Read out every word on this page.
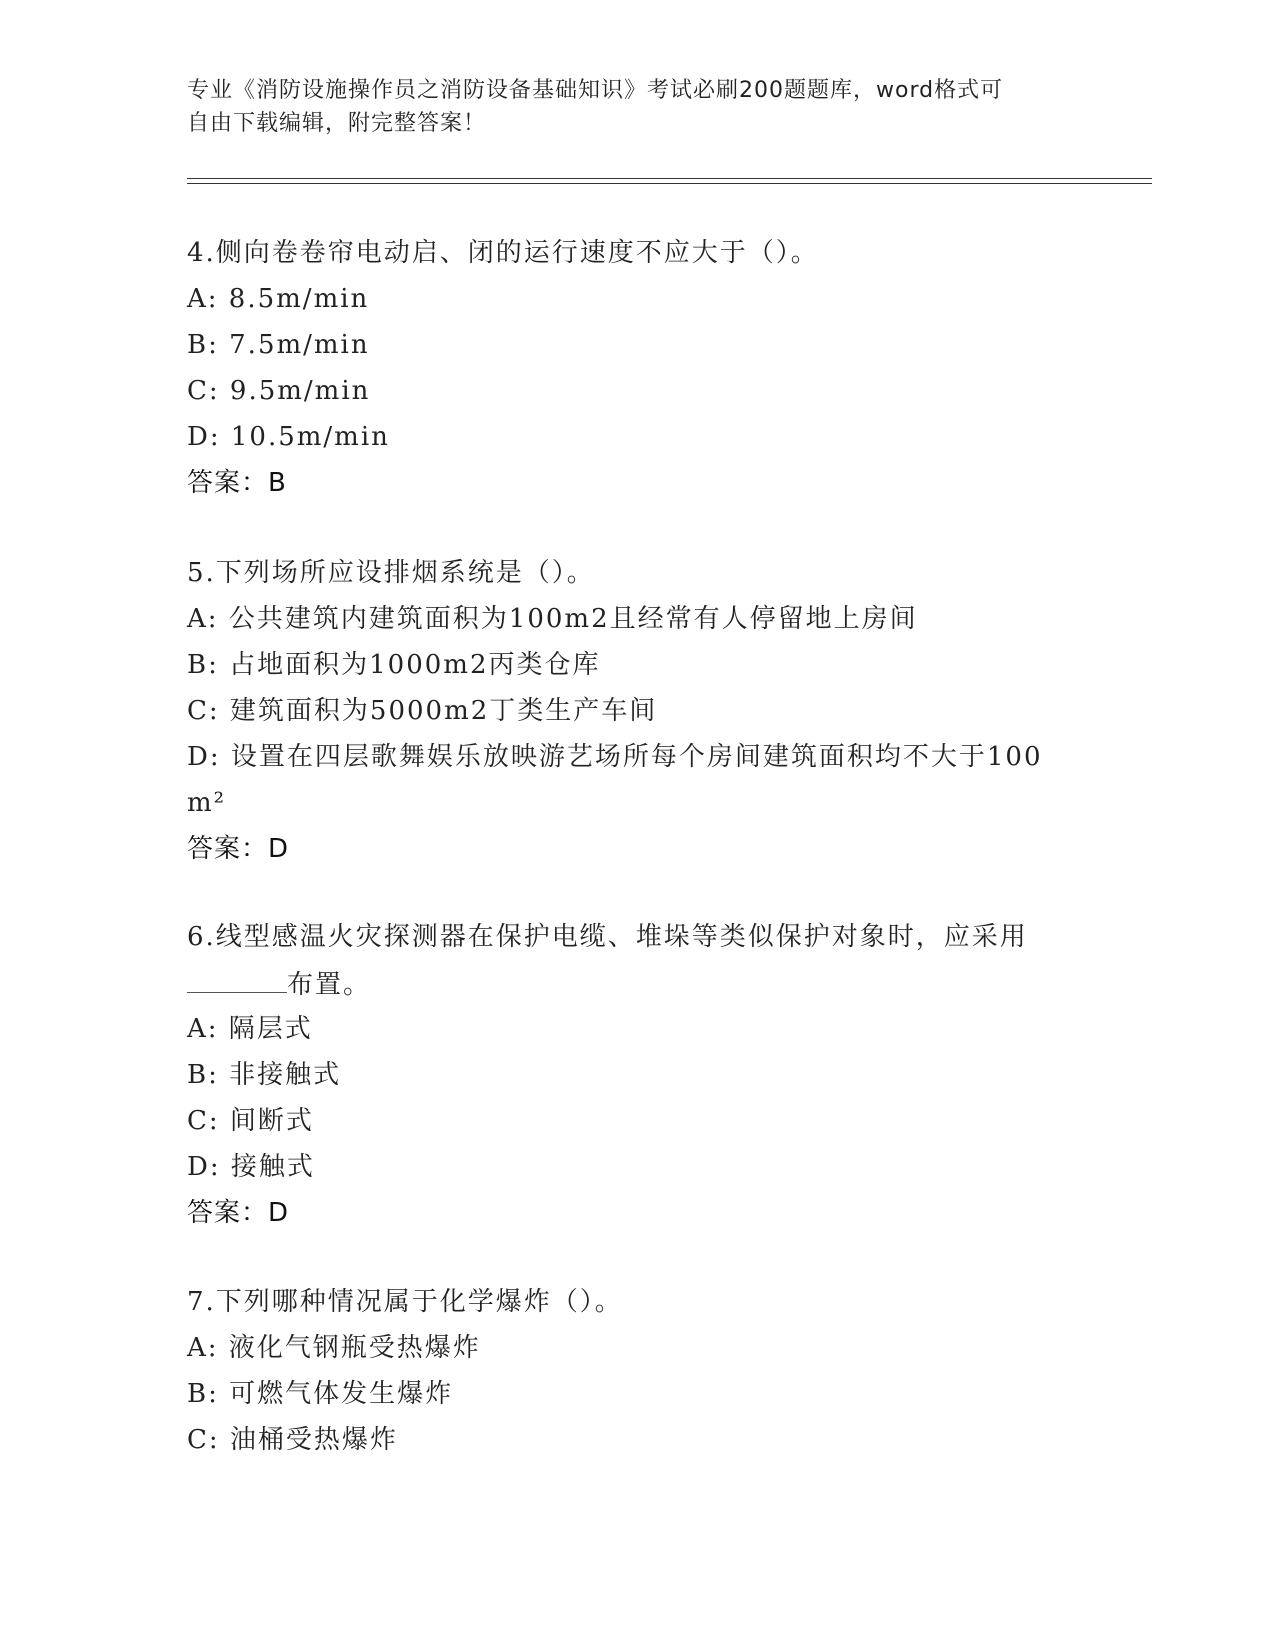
专业《消防设施操作员之消防设备基础知识》考试必刷200题题库，word格式可
自由下载编辑，附完整答案！
4.侧向卷卷帘电动启、闭的运行速度不应大于（）。
A: 8.5m/min
B: 7.5m/min
C: 9.5m/min
D: 10.5m/min
答案：B
5.下列场所应设排烟系统是（）。
A: 公共建筑内建筑面积为100m2且经常有人停留地上房间
B: 占地面积为1000m2丙类仓库
C: 建筑面积为5000m2丁类生产车间
D: 设置在四层歌舞娱乐放映游艺场所每个房间建筑面积均不大于100
m²
答案：D
6.线型感温火灾探测器在保护电缆、堆垛等类似保护对象时，应采用
布置。
A: 隔层式
B: 非接触式
C: 间断式
D: 接触式
答案：D
7.下列哪种情况属于化学爆炸（）。
A: 液化气钢瓶受热爆炸
B: 可燃气体发生爆炸
C: 油桶受热爆炸
